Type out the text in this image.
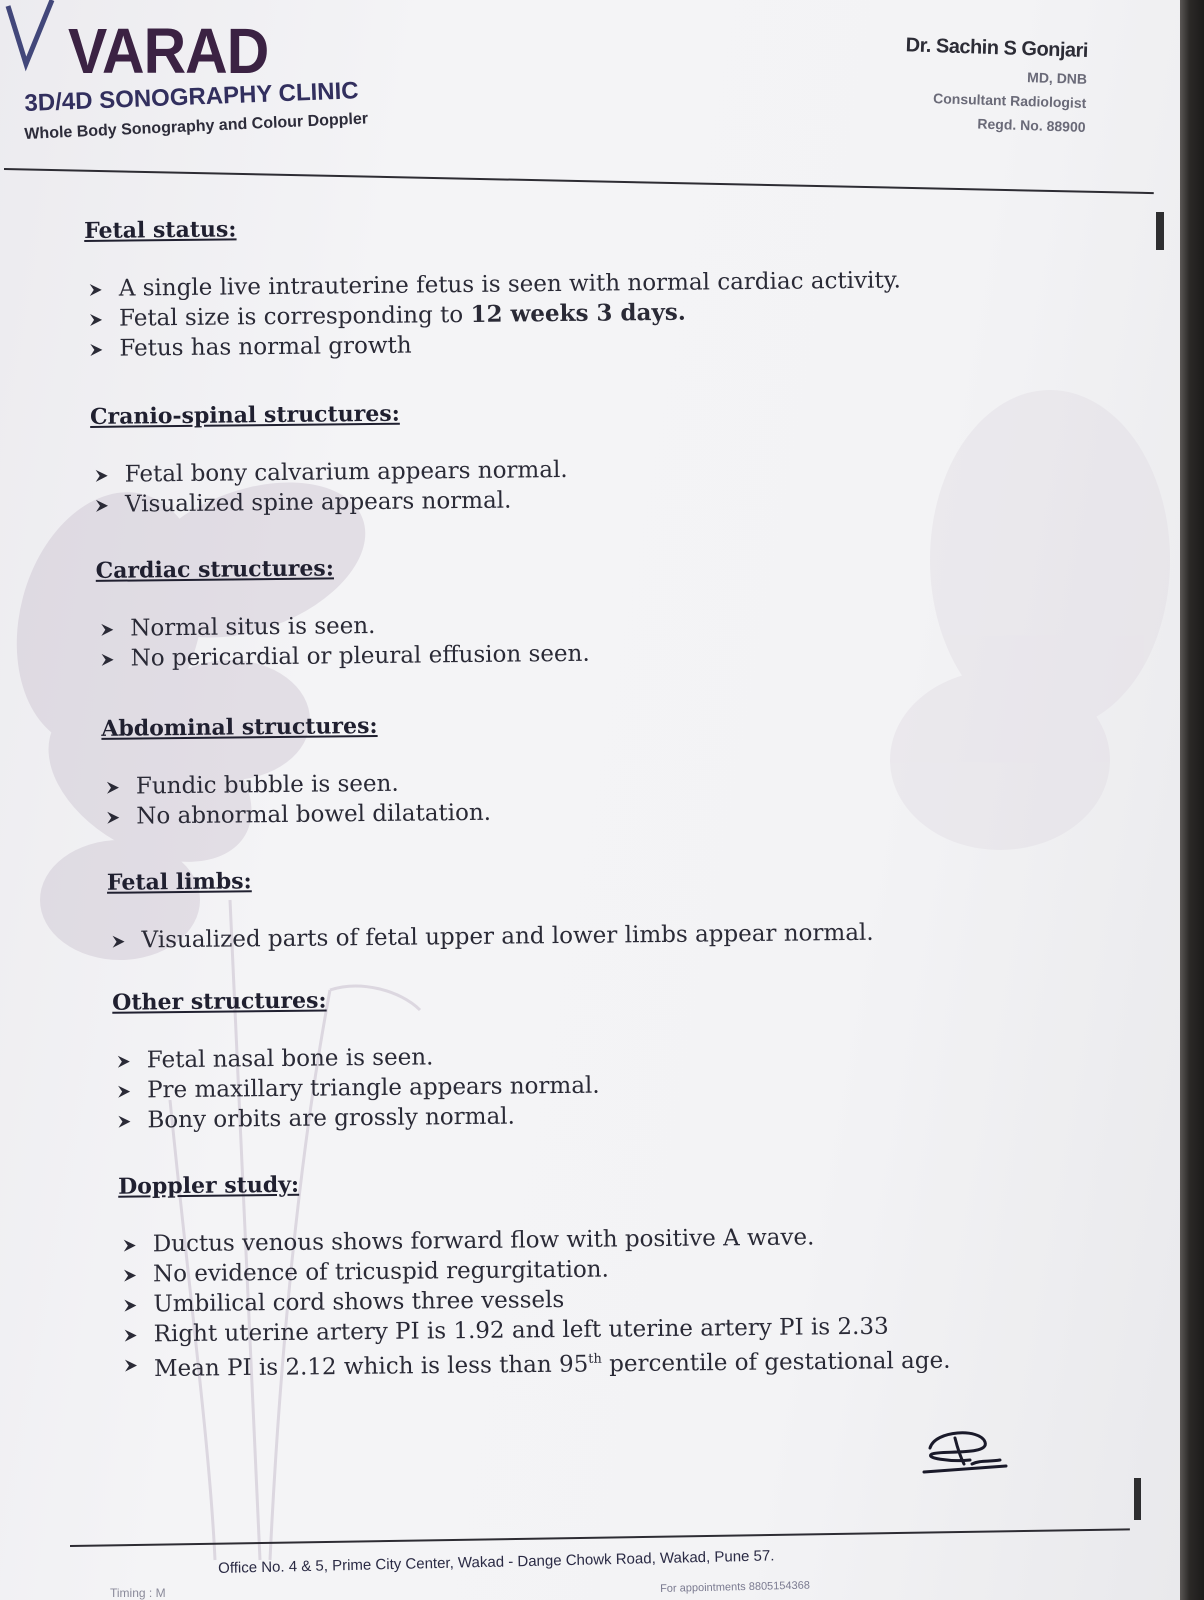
VARAD
3D/4D SONOGRAPHY CLINIC
Whole Body Sonography and Colour Doppler
Dr. Sachin S Gonjari
MD, DNB
Consultant Radiologist
Regd. No. 88900
Fetal status:
A single live intrauterine fetus is seen with normal cardiac activity.
Fetal size is corresponding to 12 weeks 3 days.
Fetus has normal growth
Cranio-spinal structures:
Fetal bony calvarium appears normal.
Visualized spine appears normal.
Cardiac structures:
Normal situs is seen.
No pericardial or pleural effusion seen.
Abdominal structures:
Fundic bubble is seen.
No abnormal bowel dilatation.
Fetal limbs:
Visualized parts of fetal upper and lower limbs appear normal.
Other structures:
Fetal nasal bone is seen.
Pre maxillary triangle appears normal.
Bony orbits are grossly normal.
Doppler study:
Ductus venous shows forward flow with positive A wave.
No evidence of tricuspid regurgitation.
Umbilical cord shows three vessels
Right uterine artery PI is 1.92 and left uterine artery PI is 2.33
Mean PI is 2.12 which is less than 95th percentile of gestational age.
Office No. 4 & 5, Prime City Center, Wakad - Dange Chowk Road, Wakad, Pune 57.
For appointments 8805154368
Timing : M
